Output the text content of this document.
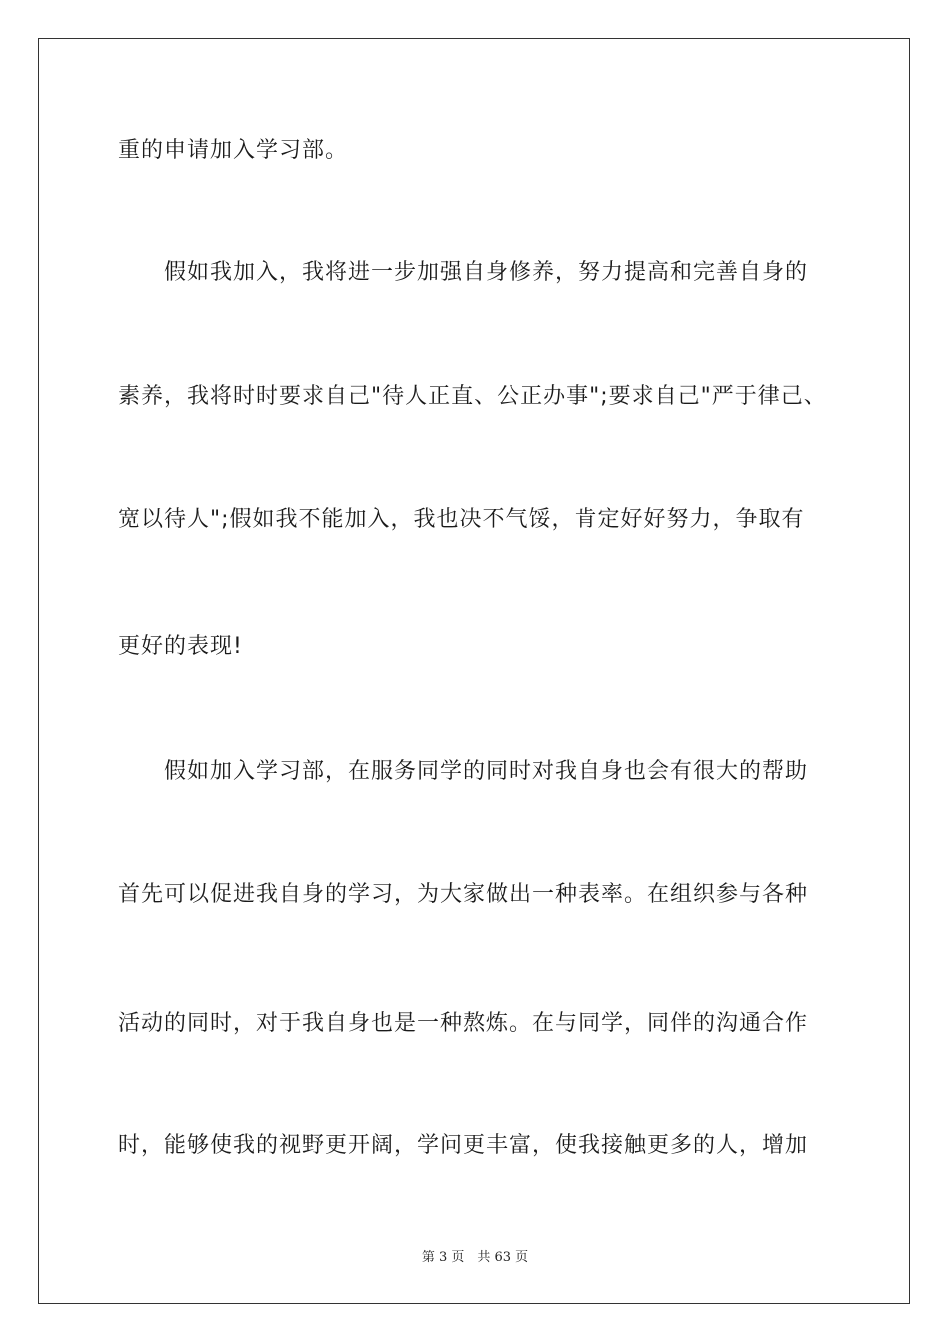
重的申请加入学习部。
　　假如我加入，我将进一步加强自身修养，努力提高和完善自身的
素养，我将时时要求自己"待人正直、公正办事";要求自己"严于律己、
宽以待人";假如我不能加入，我也决不气馁，肯定好好努力，争取有
更好的表现!
　　假如加入学习部，在服务同学的同时对我自身也会有很大的帮助
首先可以促进我自身的学习，为大家做出一种表率。在组织参与各种
活动的同时，对于我自身也是一种熬炼。在与同学，同伴的沟通合作
时，能够使我的视野更开阔，学问更丰富，使我接触更多的人，增加
第 3 页　共 63 页
